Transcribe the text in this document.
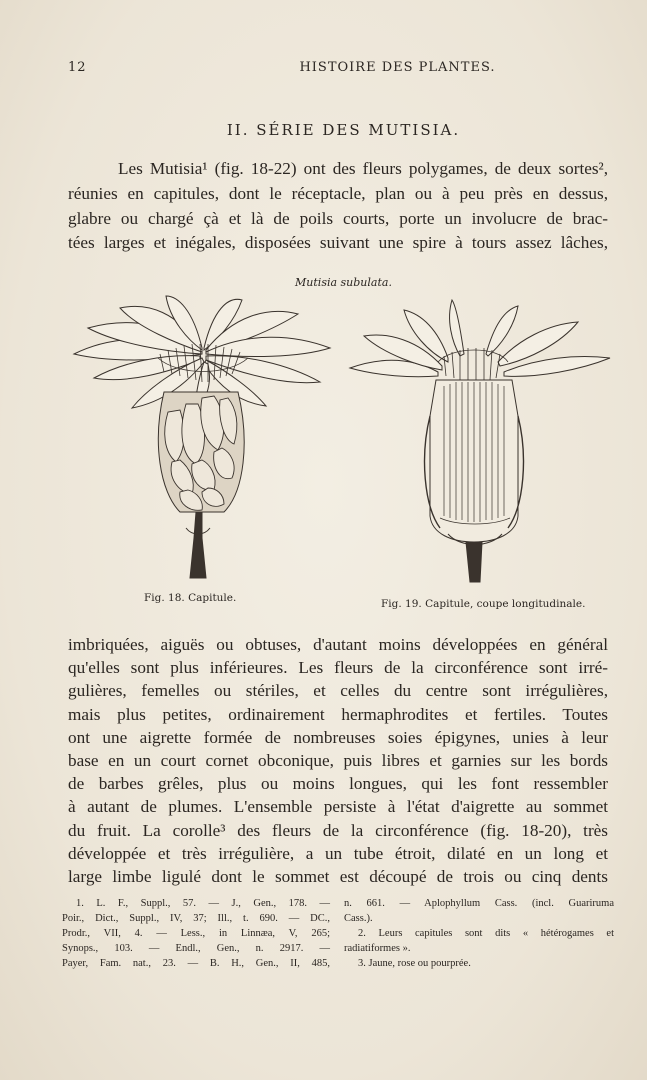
12	HISTOIRE DES PLANTES.
II. SÉRIE DES MUTISIA.
Les Mutisia¹ (fig. 18-22) ont des fleurs polygames, de deux sortes²,
réunies en capitules, dont le réceptacle, plan ou à peu près en dessus,
glabre ou chargé çà et là de poils courts, porte un involucre de brac-
tées larges et inégales, disposées suivant une spire à tours assez lâches,
Mutisia subulata.
Fig. 18. Capitule.	Fig. 19. Capitule, coupe longitudinale.
imbriquées, aiguës ou obtuses, d'autant moins développées en général
qu'elles sont plus inférieures. Les fleurs de la circonférence sont irré-
gulières, femelles ou stériles, et celles du centre sont irrégulières,
mais plus petites, ordinairement hermaphrodites et fertiles. Toutes
ont une aigrette formée de nombreuses soies épigynes, unies à leur
base en un court cornet obconique, puis libres et garnies sur les bords
de barbes grêles, plus ou moins longues, qui les font ressembler
à autant de plumes. L'ensemble persiste à l'état d'aigrette au sommet
du fruit. La corolle³ des fleurs de la circonférence (fig. 18-20), très
développée et très irrégulière, a un tube étroit, dilaté en un long et
large limbe ligulé dont le sommet est découpé de trois ou cinq dents
1. L. F., Suppl., 57. — J., Gen., 178. —
Poir., Dict., Suppl., IV, 37; Ill., t. 690. — DC.,
Prodr., VII, 4. — Less., in Linnæa, V, 265;
Synops., 103. — Endl., Gen., n. 2917. —
Payer, Fam. nat., 23. — B. H., Gen., II, 485,
n. 661. — Aplophyllum Cass. (incl. Guariruma
Cass.).
2. Leurs capitules sont dits « hétérogames et
radiatiformes ».
3. Jaune, rose ou pourprée.
